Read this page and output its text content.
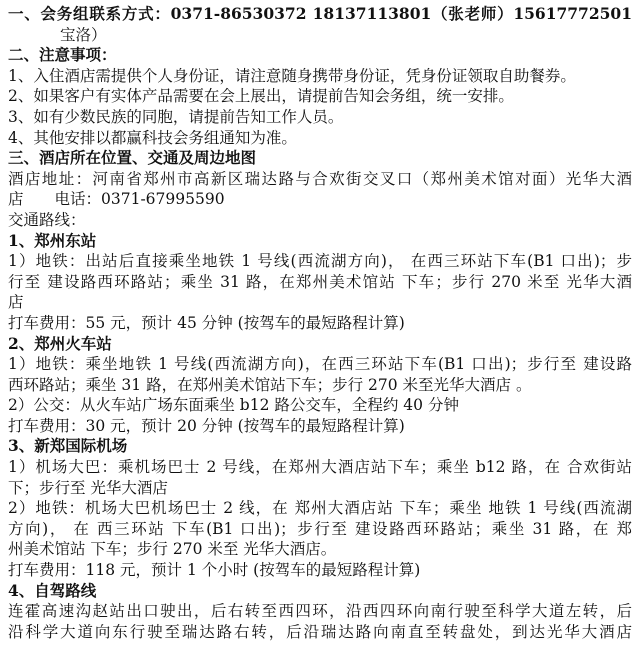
一、会务组联系方式：0371-86530372 18137113801（张老师）15617772501
宝洛）
二、注意事项：
1、入住酒店需提供个人身份证，请注意随身携带身份证，凭身份证领取自助餐券。
2、如果客户有实体产品需要在会上展出，请提前告知会务组，统一安排。
3、如有少数民族的同胞，请提前告知工作人员。
4、其他安排以都赢科技会务组通知为准。
三、酒店所在位置、交通及周边地图
酒店地址：河南省郑州市高新区瑞达路与合欢街交叉口（郑州美术馆对面）光华大酒
店　　电话：0371-67995590
交通路线：
1、郑州东站
1）地铁：出站后直接乘坐地铁 1 号线(西流湖方向)， 在西三环站下车(B1 口出)；步
行至 建设路西环路站；乘坐 31 路，在郑州美术馆站 下车；步行 270 米至 光华大酒
店
打车费用：55 元，预计 45 分钟 (按驾车的最短路程计算)
2、郑州火车站
1）地铁：乘坐地铁 1 号线(西流湖方向)，在西三环站下车(B1 口出)；步行至 建设路
西环路站；乘坐 31 路，在郑州美术馆站下车；步行 270 米至光华大酒店 。
2）公交：从火车站广场东面乘坐 b12 路公交车，全程约 40 分钟
打车费用：30 元，预计 20 分钟 (按驾车的最短路程计算)
3、新郑国际机场
1）机场大巴：乘机场巴士 2 号线，在郑州大酒店站下车；乘坐 b12 路，在 合欢街站
下；步行至 光华大酒店
2）地铁：机场大巴机场巴士 2 线，在 郑州大酒店站 下车；乘坐 地铁 1 号线(西流湖
方向)， 在 西三环站 下车(B1 口出)；步行至 建设路西环路站；乘坐 31 路，在 郑
州美术馆站 下车；步行 270 米至 光华大酒店。
打车费用：118 元，预计 1 个小时 (按驾车的最短路程计算)
4、自驾路线
连霍高速沟赵站出口驶出，后右转至西四环，沿西四环向南行驶至科学大道左转，后
沿科学大道向东行驶至瑞达路右转，后沿瑞达路向南直至转盘处，到达光华大酒店
